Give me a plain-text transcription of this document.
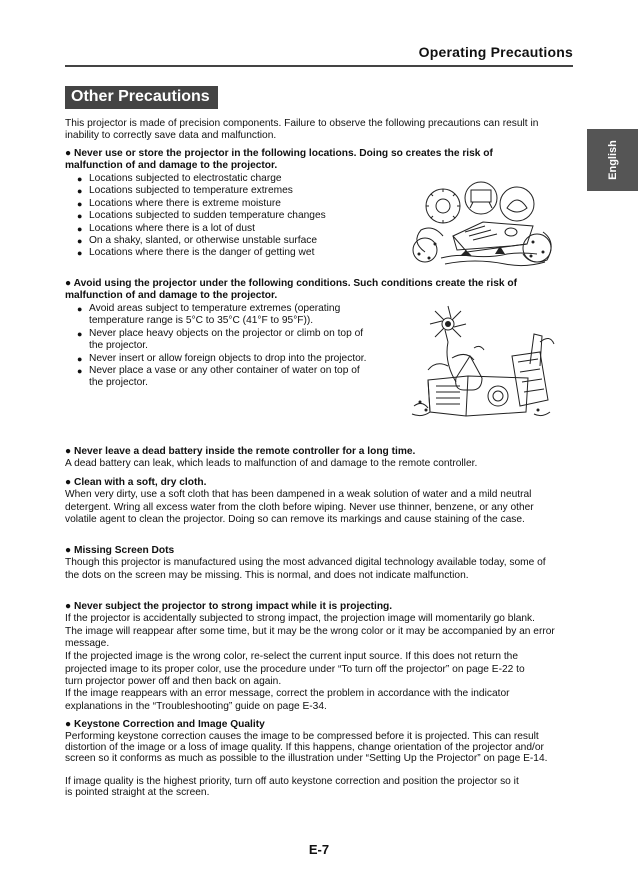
Operating Precautions
English
Other Precautions
This projector is made of precision components. Failure to observe the following precautions can result in inability to correctly save data and malfunction.
● Never use or store the projector in the following locations. Doing so creates the risk of malfunction of and damage to the projector.
● Locations subjected to electrostatic charge
● Locations subjected to temperature extremes
● Locations where there is extreme moisture
● Locations subjected to sudden temperature changes
● Locations where there is a lot of dust
● On a shaky, slanted, or otherwise unstable surface
● Locations where there is the danger of getting wet
● Avoid using the projector under the following conditions. Such conditions create the risk of malfunction of and damage to the projector.
● Avoid areas subject to temperature extremes (operating temperature range is 5°C to 35°C (41°F to 95°F)).
● Never place heavy objects on the projector or climb on top of the projector.
● Never insert or allow foreign objects to drop into the projector.
● Never place a vase or any other container of water on top of the projector.
● Never leave a dead battery inside the remote controller for a long time.
A dead battery can leak, which leads to malfunction of and damage to the remote controller.
● Clean with a soft, dry cloth.
When very dirty, use a soft cloth that has been dampened in a weak solution of water and a mild neutral detergent. Wring all excess water from the cloth before wiping. Never use thinner, benzene, or any other volatile agent to clean the projector. Doing so can remove its markings and cause staining of the case.
● Missing Screen Dots
Though this projector is manufactured using the most advanced digital technology available today, some of the dots on the screen may be missing. This is normal, and does not indicate malfunction.
● Never subject the projector to strong impact while it is projecting.
If the projector is accidentally subjected to strong impact, the projection image will momentarily go blank. The image will reappear after some time, but it may be the wrong color or it may be accompanied by an error message.
If the projected image is the wrong color, re-select the current input source. If this does not return the projected image to its proper color, use the procedure under “To turn off the projector” on page E-22 to turn projector power off and then back on again.
If the image reappears with an error message, correct the problem in accordance with the indicator explanations in the “Troubleshooting” guide on page E-34.
● Keystone Correction and Image Quality
Performing keystone correction causes the image to be compressed before it is projected. This can result distortion of the image or a loss of image quality. If this happens, change orientation of the projector and/or screen so it conforms as much as possible to the illustration under “Setting Up the Projector” on page E-14.
If image quality is the highest priority, turn off auto keystone correction and position the projector so it is pointed straight at the screen.
E-7
